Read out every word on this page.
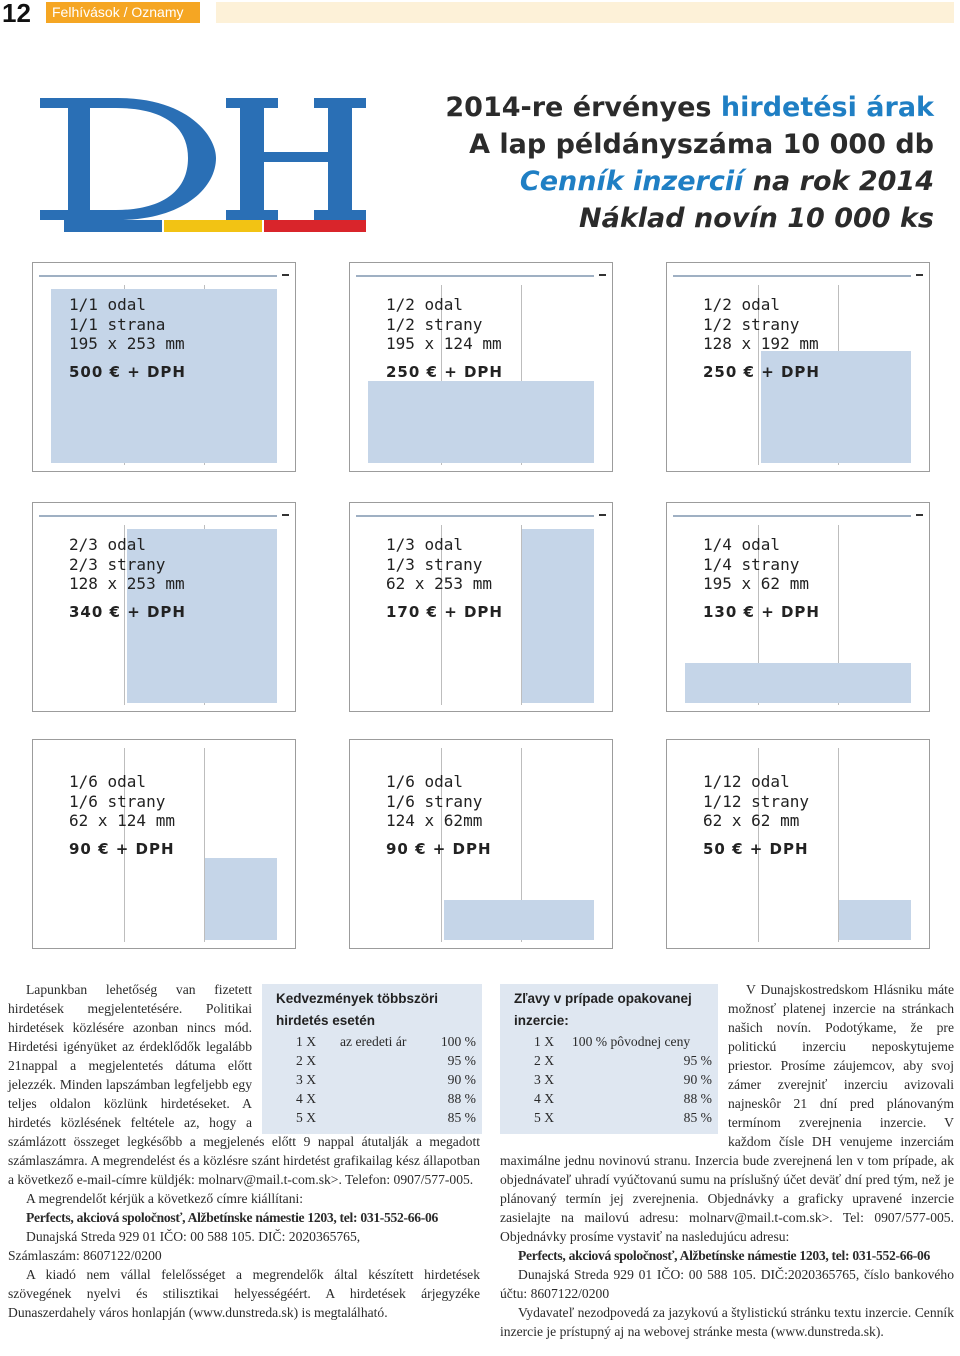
12	Felhívások / Oznamy
2014-re érvényes hirdetési árak
A lap példányszáma 10 000 db
Cenník inzercií na rok 2014
Náklad novín 10 000 ks
1/1 odal
1/1 strana
195 x 253 mm
500 € + DPH
1/2 odal
1/2 strany
195 x 124 mm
250 € + DPH
1/2 odal
1/2 strany
128 x 192 mm
250 € + DPH
2/3 odal
2/3 strany
128 x 253 mm
340 € + DPH
1/3 odal
1/3 strany
62 x 253 mm
170 € + DPH
1/4 odal
1/4 strany
195 x 62 mm
130 € + DPH
1/6 odal
1/6 strany
62 x 124 mm
90 € + DPH
1/6 odal
1/6 strany
124 x 62mm
90 € + DPH
1/12 odal
1/12 strany
62 x 62 mm
50 € + DPH
Kedvezmények többszöri hirdetés esetén
1 X	az eredeti ár	100 %
2 X		95 %
3 X		90 %
4 X		88 %
5 X		85 %
Zľavy v prípade opakovanej inzercie:
1 X	100 % pôvodnej ceny
2 X		95 %
3 X		90 %
4 X		88 %
5 X		85 %

Lapunkban lehetőség van fizetett hirdetések megjelentetésére. Politikai hirdetések közlésére azonban nincs mód. Hirdetési igényüket az érdeklődők legalább 21nappal a megjelentetés dátuma előtt jelezzék. Minden lapszámban legfeljebb egy teljes oldalon közlünk hirdetéseket. A hirdetés közlésének feltétele az, hogy a számlázott összeget legkésőbb a megjelenés előtt 9 nappal átutalják a megadott számlaszámra. A megrendelést és a közlésre szánt hirdetést grafikailag kész állapotban a következő e-mail-címre küldjék: molnarv@mail.t-com.sk>. Telefon: 0907/577-005.

A megrendelőt kérjük a következő címre kiállítani:

Perfects, akciová spoločnosť, Alžbetínske námestie 1203, tel: 031-552-66-06

Dunajská Streda 929 01 IČO: 00 588 105. DIČ: 2020365765,

Számlaszám: 8607122/0200

A kiadó nem vállal felelősséget a megrendelők által készített hirdetések szövegének nyelvi és stilisztikai helyességéért. A hirdetések árjegyzéke Dunaszerdahely város honlapján (www.dunstreda.sk) is megtalálható.

V Dunajskostredskom Hlásniku máte možnosť platenej inzercie na stránkach našich novín. Podotýkame, že pre politickú inzerciu neposkytujeme priestor. Prosíme záujemcov, aby svoj zámer zverejniť inzerciu avizovali najneskôr 21 dní pred plánovaným termínom zverejnenia inzercie. V každom čísle DH venujeme inzerciám maximálne jednu novinovú stranu. Inzercia bude zverejnená len v tom prípade, ak objednávateľ uhradí vyúčtovanú sumu na príslušný účet deväť dní pred tým, než je plánovaný termín jej zverejnenia. Objednávky a graficky upravené inzercie zasielajte na mailovú adresu: molnarv@mail.t-com.sk>. Tel: 0907/577-005. Objednávky prosíme vystaviť na nasledujúcu adresu:

Perfects, akciová spoločnosť, Alžbetínske námestie 1203, tel: 031-552-66-06

Dunajská Streda 929 01 IČO: 00 588 105. DIČ:2020365765, číslo bankového účtu: 8607122/0200

Vydavateľ nezodpovedá za jazykovú a štylistickú stránku textu inzercie. Cenník inzercie je prístupný aj na webovej stránke mesta (www.dunstreda.sk).
